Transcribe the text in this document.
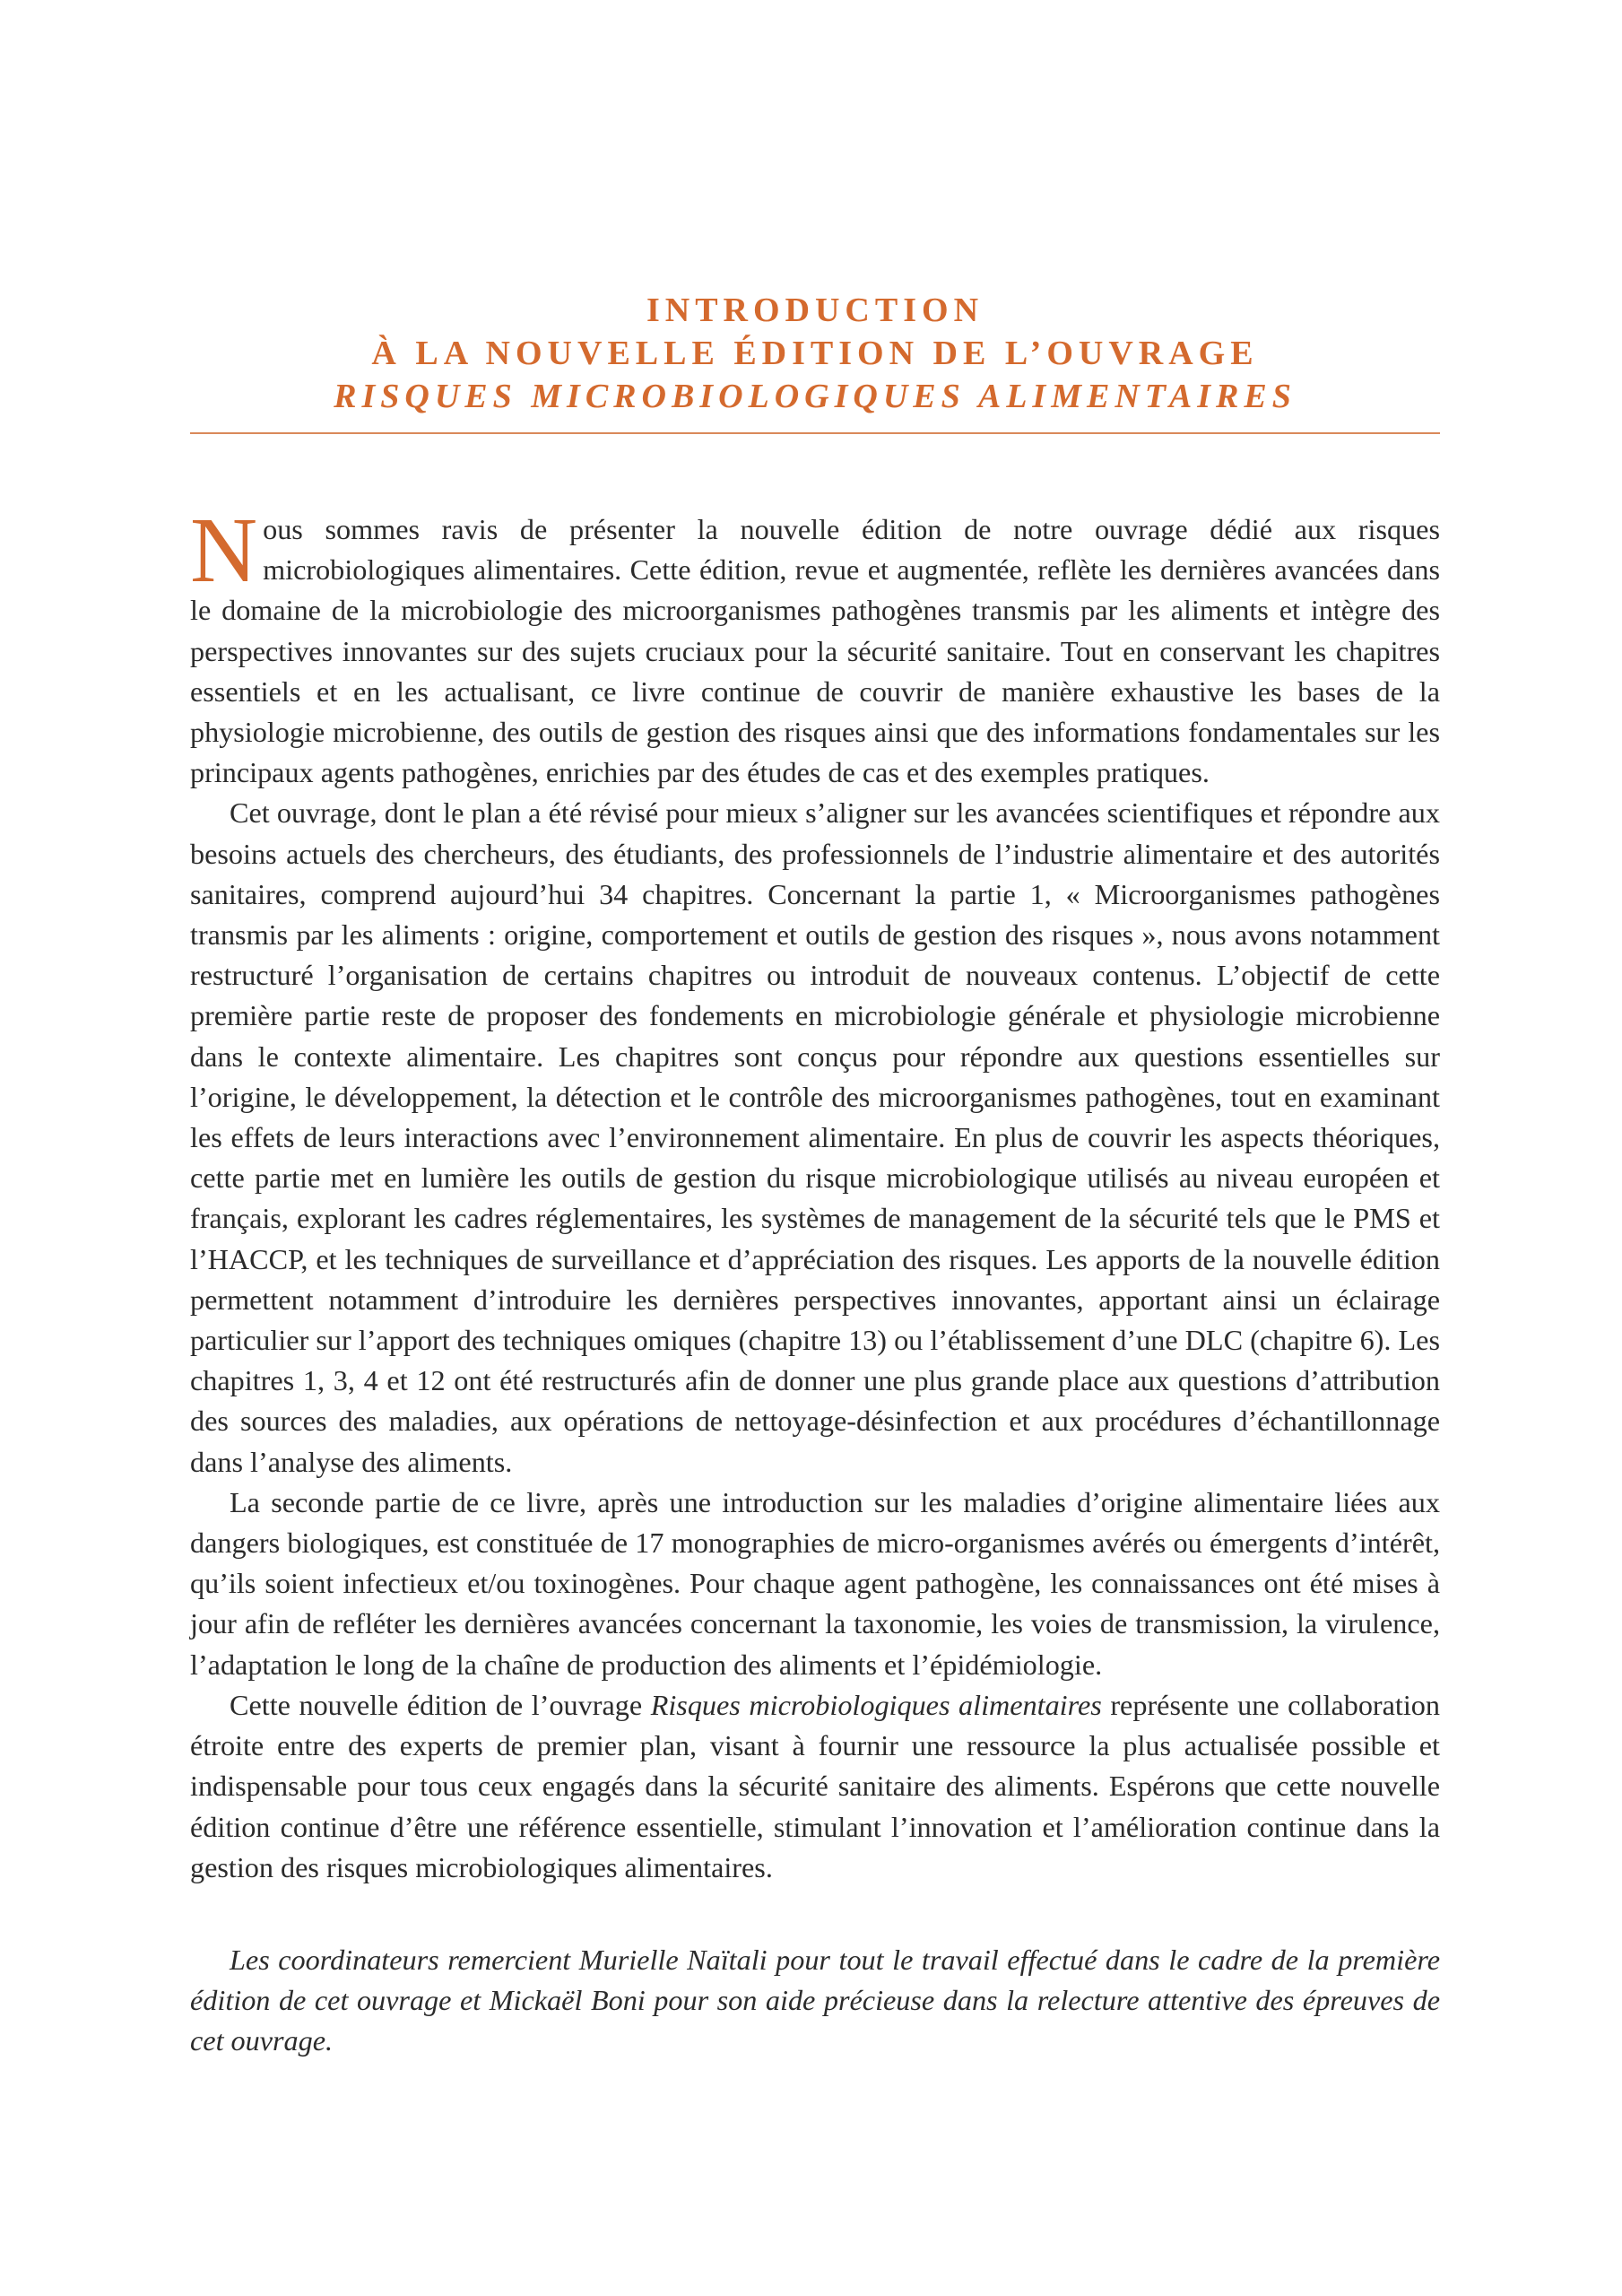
INTRODUCTION
À LA NOUVELLE ÉDITION DE L’OUVRAGE
RISQUES MICROBIOLOGIQUES ALIMENTAIRES

Nous sommes ravis de présenter la nouvelle édition de notre ouvrage dédié aux risques microbiologiques alimentaires. Cette édition, revue et augmentée, reflète les dernières avancées dans le domaine de la microbiologie des microorganismes pathogènes transmis par les aliments et intègre des perspectives innovantes sur des sujets cruciaux pour la sécurité sanitaire. Tout en conservant les chapitres essentiels et en les actualisant, ce livre continue de couvrir de manière exhaustive les bases de la physiologie microbienne, des outils de gestion des risques ainsi que des informations fondamentales sur les principaux agents pathogènes, enrichies par des études de cas et des exemples pratiques.

Cet ouvrage, dont le plan a été révisé pour mieux s’aligner sur les avancées scientifiques et répondre aux besoins actuels des chercheurs, des étudiants, des professionnels de l’industrie alimentaire et des autorités sanitaires, comprend aujourd’hui 34 chapitres. Concernant la partie 1, « Microorganismes pathogènes transmis par les aliments : origine, comportement et outils de gestion des risques », nous avons notamment restructuré l’organisation de certains chapitres ou introduit de nouveaux contenus. L’objectif de cette première partie reste de proposer des fondements en microbiologie générale et physiologie microbienne dans le contexte alimentaire. Les chapitres sont conçus pour répondre aux questions essentielles sur l’origine, le développement, la détection et le contrôle des microorganismes pathogènes, tout en examinant les effets de leurs interactions avec l’environnement alimentaire. En plus de couvrir les aspects théoriques, cette partie met en lumière les outils de gestion du risque microbiologique utilisés au niveau européen et français, explorant les cadres réglementaires, les systèmes de management de la sécurité tels que le PMS et l’HACCP, et les techniques de surveillance et d’appréciation des risques. Les apports de la nouvelle édition permettent notamment d’introduire les dernières perspectives innovantes, apportant ainsi un éclairage particulier sur l’apport des techniques omiques (chapitre 13) ou l’établissement d’une DLC (chapitre 6). Les chapitres 1, 3, 4 et 12 ont été restructurés afin de donner une plus grande place aux questions d’attribution des sources des maladies, aux opérations de nettoyage-désinfection et aux procédures d’échantillonnage dans l’analyse des aliments.

La seconde partie de ce livre, après une introduction sur les maladies d’origine alimentaire liées aux dangers biologiques, est constituée de 17 monographies de micro-organismes avérés ou émergents d’intérêt, qu’ils soient infectieux et/ou toxinogènes. Pour chaque agent pathogène, les connaissances ont été mises à jour afin de refléter les dernières avancées concernant la taxonomie, les voies de transmission, la virulence, l’adaptation le long de la chaîne de production des aliments et l’épidémiologie.

Cette nouvelle édition de l’ouvrage Risques microbiologiques alimentaires représente une collaboration étroite entre des experts de premier plan, visant à fournir une ressource la plus actualisée possible et indispensable pour tous ceux engagés dans la sécurité sanitaire des aliments. Espérons que cette nouvelle édition continue d’être une référence essentielle, stimulant l’innovation et l’amélioration continue dans la gestion des risques microbiologiques alimentaires.

Les coordinateurs remercient Murielle Naïtali pour tout le travail effectué dans le cadre de la première édition de cet ouvrage et Mickaël Boni pour son aide précieuse dans la relecture attentive des épreuves de cet ouvrage.
